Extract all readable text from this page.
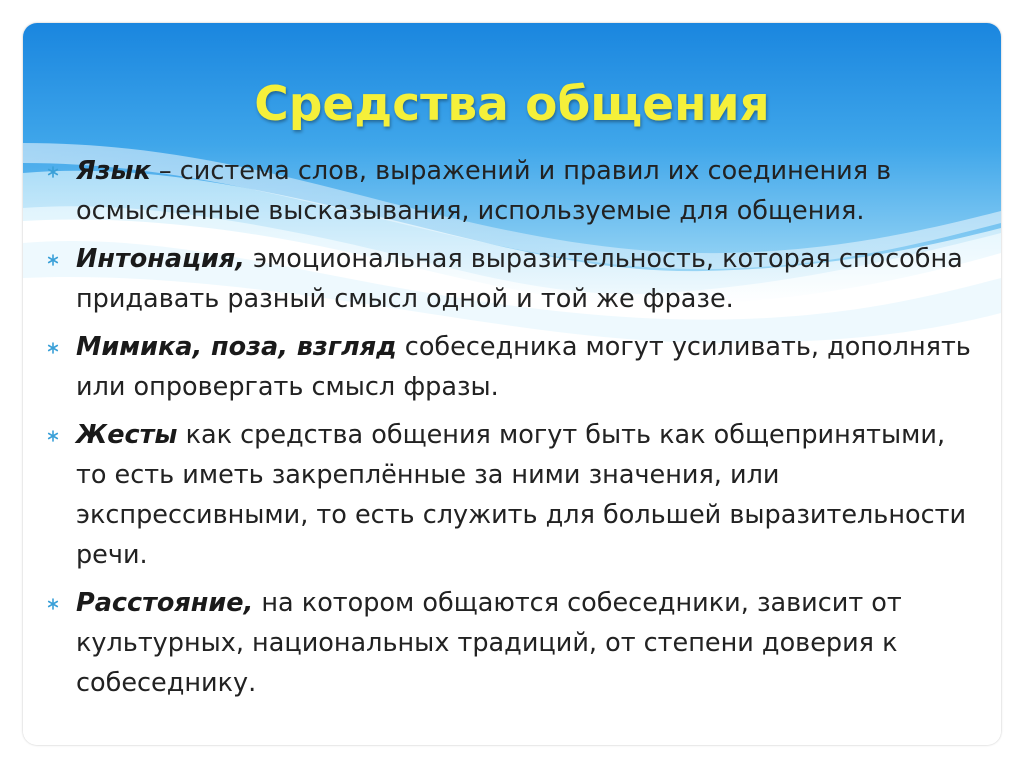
Средства общения
Язык – система слов, выражений и правил их соединения в осмысленные высказывания, используемые для общения.
Интонация, эмоциональная выразительность, которая способна придавать разный смысл одной и той же фразе.
Мимика, поза, взгляд собеседника могут усиливать, дополнять или опровергать смысл фразы.
Жесты как средства общения могут быть как общепринятыми, то есть иметь закреплённые за ними значения, или экспрессивными, то есть служить для большей выразительности речи.
Расстояние, на котором общаются собеседники, зависит от культурных, национальных традиций, от степени доверия к собеседнику.
